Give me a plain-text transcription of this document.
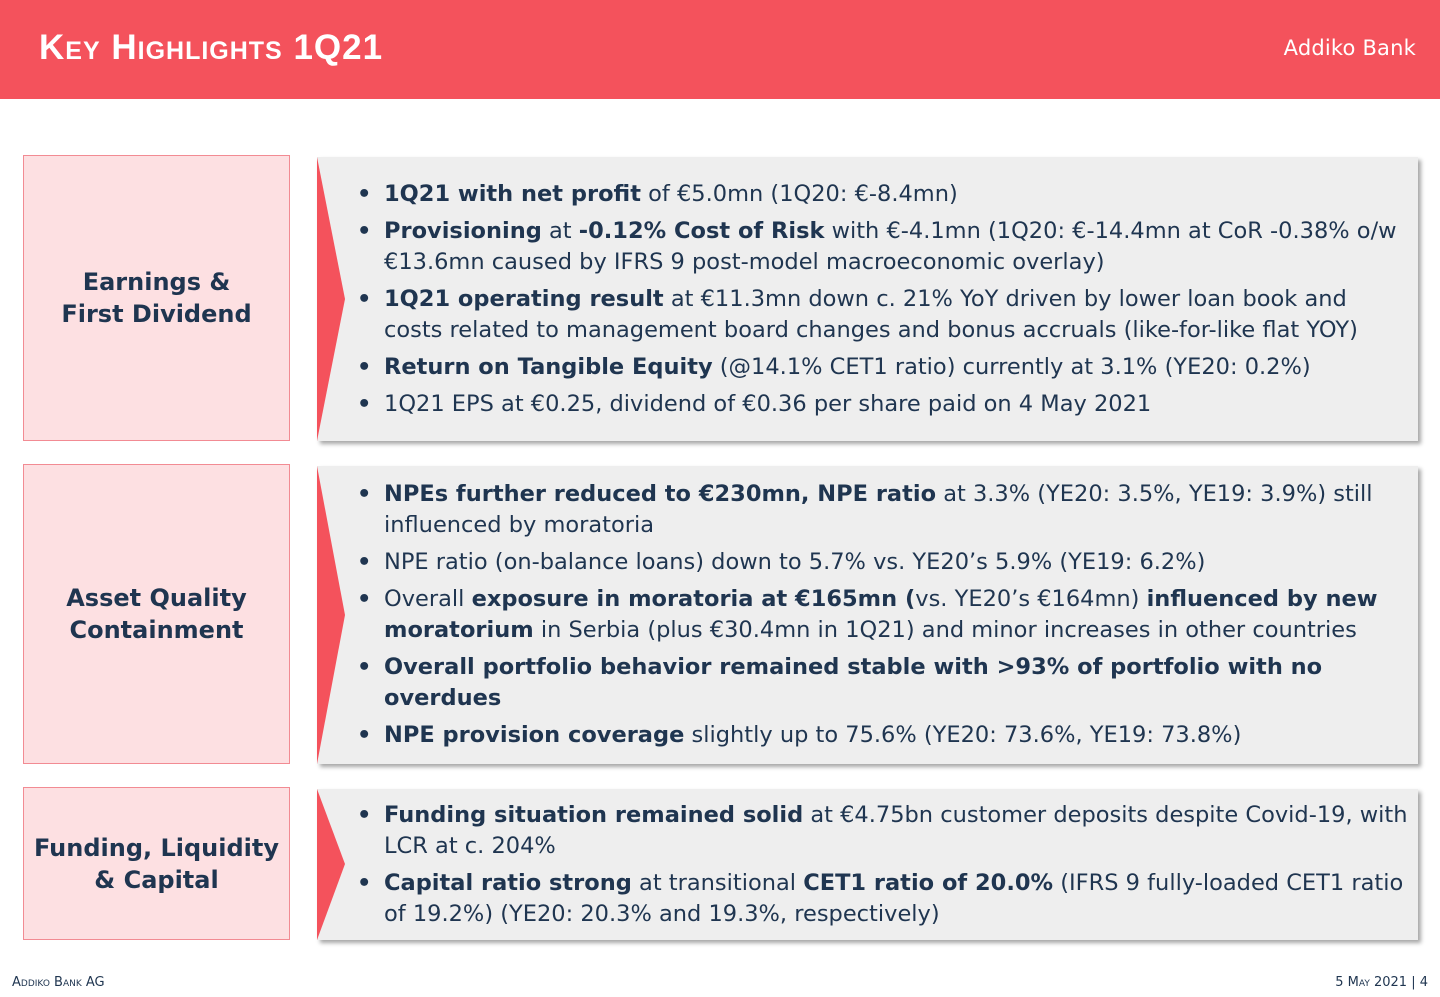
Key Highlights 1Q21	Addiko Bank
Earnings &
First Dividend
• 1Q21 with net profit of €5.0mn (1Q20: €-8.4mn)
• Provisioning at -0.12% Cost of Risk with €-4.1mn (1Q20: €-14.4mn at CoR -0.38% o/w €13.6mn caused by IFRS 9 post-model macroeconomic overlay)
• 1Q21 operating result at €11.3mn down c. 21% YoY driven by lower loan book and costs related to management board changes and bonus accruals (like-for-like flat YOY)
• Return on Tangible Equity (@14.1% CET1 ratio) currently at 3.1% (YE20: 0.2%)
• 1Q21 EPS at €0.25, dividend of €0.36 per share paid on 4 May 2021
Asset Quality
Containment
• NPEs further reduced to €230mn, NPE ratio at 3.3% (YE20: 3.5%, YE19: 3.9%) still influenced by moratoria
• NPE ratio (on-balance loans) down to 5.7% vs. YE20’s 5.9% (YE19: 6.2%)
• Overall exposure in moratoria at €165mn (vs. YE20’s €164mn) influenced by new moratorium in Serbia (plus €30.4mn in 1Q21) and minor increases in other countries
• Overall portfolio behavior remained stable with >93% of portfolio with no overdues
• NPE provision coverage slightly up to 75.6% (YE20: 73.6%, YE19: 73.8%)
Funding, Liquidity
& Capital
• Funding situation remained solid at €4.75bn customer deposits despite Covid-19, with LCR at c. 204%
• Capital ratio strong at transitional CET1 ratio of 20.0% (IFRS 9 fully-loaded CET1 ratio of 19.2%) (YE20: 20.3% and 19.3%, respectively)
Addiko Bank AG	5 May 2021 | 4
